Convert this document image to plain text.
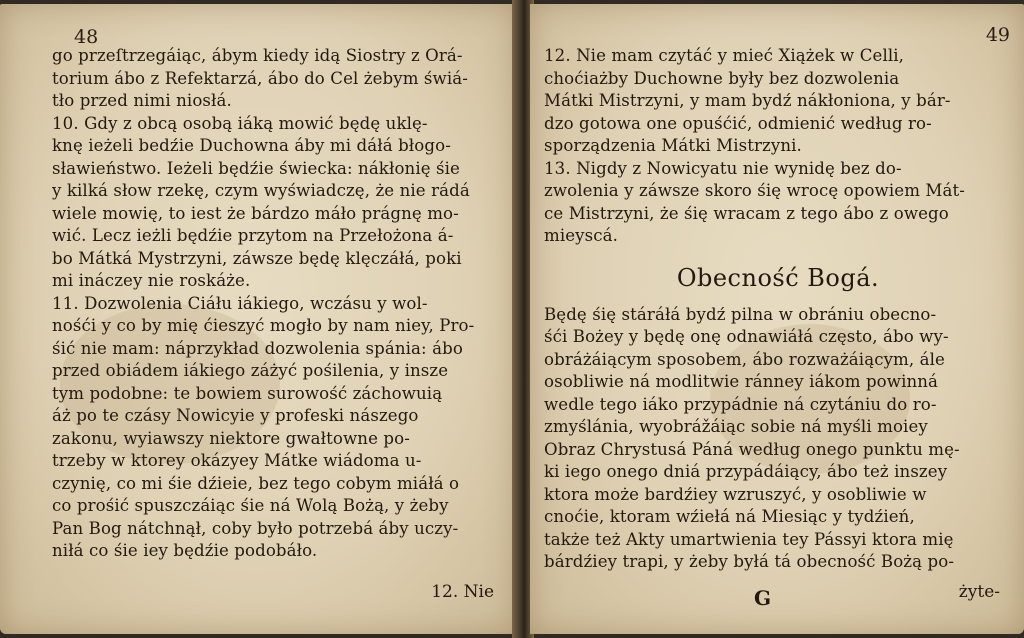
48
go przeſtrzegáiąc, ábym kiedy idą Siostry z Orá-
torium ábo z Refektarzá, ábo do Cel żebym świá-
tło przed nimi niosłá.
10. Gdy z obcą osobą iáką mowić będę uklę-
knę ieżeli bedźie Duchowna áby mi dáłá błogo-
sławieństwo. Ieżeli będźie świecka: nákłonię śie
y kilká słow rzekę, czym wyświadczę, że nie rádá
wiele mowię, to iest że bárdzo máło prágnę mo-
wić. Lecz ieżli będźie przytom na Przełożona á-
bo Mátká Mystrzyni, záwsze będę klęczáłá, poki
mi ináczey nie roskáże.
11. Dozwolenia Ciáłu iákiego, wczásu y wol-
nośći y co by mię ćieszyć mogło by nam niey, Pro-
śić nie mam: náprzykład dozwolenia spánia: ábo
przed obiádem iákiego záżyć pośilenia, y insze
tym podobne: te bowiem surowość záchowuią
áż po te czásy Nowicyie y profeski nászego
zakonu, wyiawszy niektore gwałtowne po-
trzeby w ktorey okázyey Mátke wiádoma u-
czynię, co mi śie dźieie, bez tego cobym miáłá o
co prośić spuszczáiąc śie ná Wolą Bożą, y żeby
Pan Bog nátchnął, coby było potrzebá áby uczy-
niłá co śie iey będźie podobáło.
12. Nie
49
12. Nie mam czytáć y mieć Xiążek w Celli,
choćiażby Duchowne były bez dozwolenia
Mátki Mistrzyni, y mam bydź nákłoniona, y bár-
dzo gotowa one opuśćić, odmienić według ro-
sporządzenia Mátki Mistrzyni.
13. Nigdy z Nowicyatu nie wynidę bez do-
zwolenia y záwsze skoro śię wrocę opowiem Mát-
ce Mistrzyni, że śię wracam z tego ábo z owego
mieyscá.
Obecność Bogá.
Będę śię stáráłá bydź pilna w obrániu obecno-
śći Bożey y będę onę odnawiáłá często, ábo wy-
obráżáiącym sposobem, ábo rozważáiącym, ále
osobliwie ná modlitwie ránney iákom powinná
wedle tego iáko przypádnie ná czytániu do ro-
zmyślánia, wyobrážáiąc sobie ná myśli moiey
Obraz Chrystusá Páná według onego punktu mę-
ki iego onego dniá przypádáiący, ábo też inszey
ktora może bardźiey wzruszyć, y osobliwie w
cnoćie, ktoram wźiełá ná Miesiąc y tydźień,
także też Akty umartwienia tey Pássyi ktora mię
bárdźiey trapi, y żeby byłá tá obecność Bożą po-
G	żyte-
